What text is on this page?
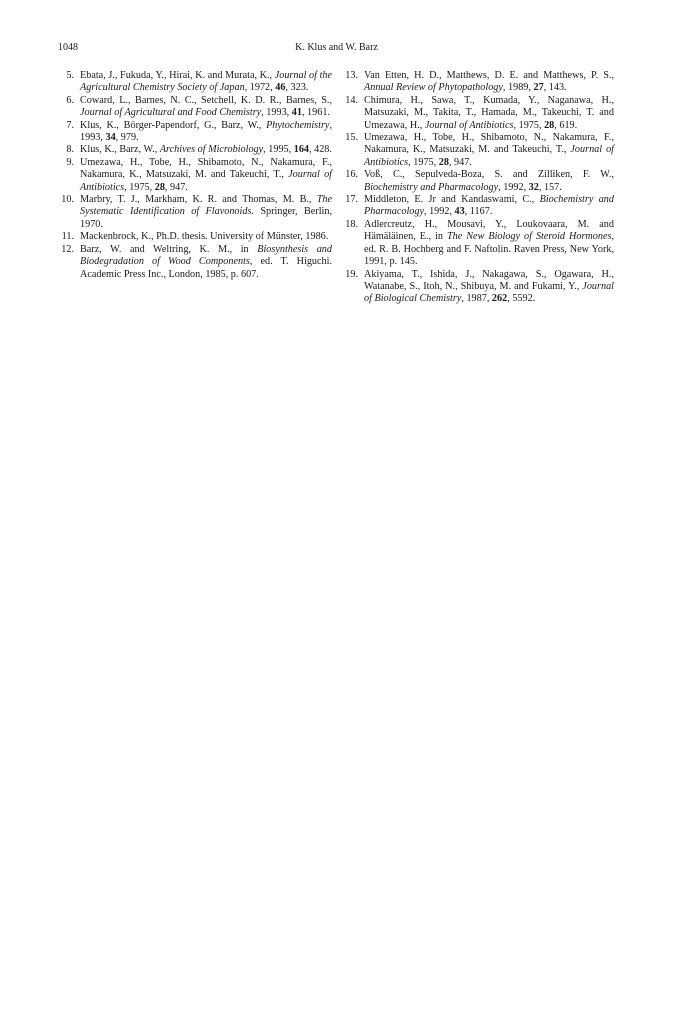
1048	K. Klus and W. Barz
5. Ebata, J., Fukuda, Y., Hirai, K. and Murata, K., Journal of the Agricultural Chemistry Society of Japan, 1972, 46, 323.
6. Coward, L., Barnes, N. C., Setchell, K. D. R., Barnes, S., Journal of Agricultural and Food Chemistry, 1993, 41, 1961.
7. Klus, K., Börger-Papendorf, G., Barz, W., Phytochemistry, 1993, 34, 979.
8. Klus, K., Barz, W., Archives of Microbiology, 1995, 164, 428.
9. Umezawa, H., Tobe, H., Shibamoto, N., Nakamura, F., Nakamura, K., Matsuzaki, M. and Takeuchi, T., Journal of Antibiotics, 1975, 28, 947.
10. Marbry, T. J., Markham, K. R. and Thomas, M. B., The Systematic Identification of Flavonoids. Springer, Berlin, 1970.
11. Mackenbrock, K., Ph.D. thesis. University of Münster, 1986.
12. Barz, W. and Weltring, K. M., in Biosynthesis and Biodegradation of Wood Components, ed. T. Higuchi. Academic Press Inc., London, 1985, p. 607.
13. Van Etten, H. D., Matthews, D. E. and Matthews, P. S., Annual Review of Phytopathology, 1989, 27, 143.
14. Chimura, H., Sawa, T., Kumada, Y., Naganawa, H., Matsuzaki, M., Takita, T., Hamada, M., Takeuchi, T. and Umezawa, H., Journal of Antibiotics, 1975, 28, 619.
15. Umezawa, H., Tobe, H., Shibamoto, N., Nakamura, F., Nakamura, K., Matsuzaki, M. and Takeuchi, T., Journal of Antibiotics, 1975, 28, 947.
16. Voß, C., Sepulveda-Boza, S. and Zilliken, F. W., Biochemistry and Pharmacology, 1992, 32, 157.
17. Middleton, E. Jr and Kandaswami, C., Biochemistry and Pharmacology, 1992, 43, 1167.
18. Adlercreutz, H., Mousavi, Y., Loukovaara, M. and Hämäläinen, E., in The New Biology of Steroid Hormones, ed. R. B. Hochberg and F. Naftolin. Raven Press, New York, 1991, p. 145.
19. Akiyama, T., Ishida, J., Nakagawa, S., Ogawara, H., Watanabe, S., Itoh, N., Shibuya, M. and Fukami, Y., Journal of Biological Chemistry, 1987, 262, 5592.
